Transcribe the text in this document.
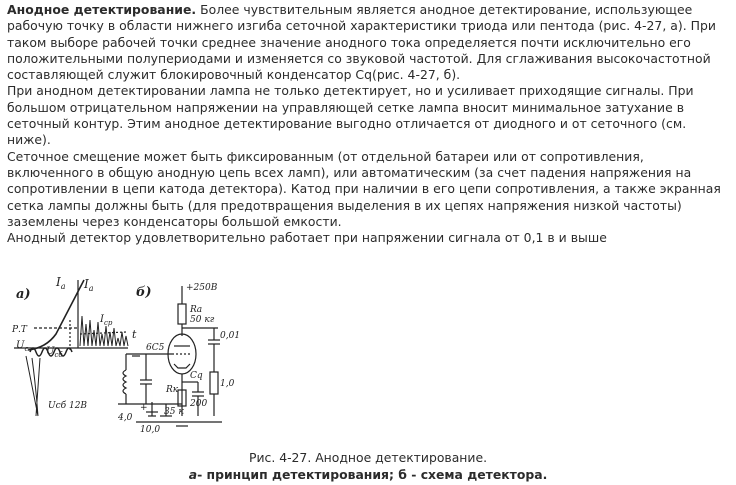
Анодное детектирование. Более чувствительным является анодное детектирование, использующее рабочую точку в области нижнего изгиба сеточной характеристики триода или пентода (рис. 4-27, а). При таком выборе рабочей точки среднее значение анодного тока определяется почти исключительно его положительными полупериодами и изменяется со звуковой частотой. Для сглаживания высокочастотной составляющей служит блокировочный конденсатор Cq(рис. 4-27, б).

При анодном детектировании лампа не только детектирует, но и усиливает приходящие сигналы. При большом отрицательном напряжении на управляющей сетке лампа вносит минимальное затухание в сеточный контур. Этим анодное детектирование выгодно отличается от диодного и от сеточного (см. ниже).

Сеточное смещение может быть фиксированным (от отдельной батареи или от сопротивления, включенного в общую анодную цепь всех ламп), или автоматическим (за счет падения напряжения на сопротивлении в цепи катода детектора). Катод при наличии в его цепи сопротивления, а также экранная сетка лампы должны быть (для предотвращения выделения в их цепях напряжения низкой частоты) заземлены через конденсаторы большой емкости.

Анодный детектор удовлетворительно работает при напряжении сигнала от 0,1 в и выше

а)
$I_а$ $I_а$
$I_{ср}$
Р.Т
$U_с$ $U_{сб}$
t
б)	+250В
Rа
50 кг
6С5
0,01
1,0
Cq
200
Rк
35 к
Uсб 12В	+
10,0
4,0
Рис. 4-27. Анодное детектирование.
а- принцип детектирования; б - схема детектора.
